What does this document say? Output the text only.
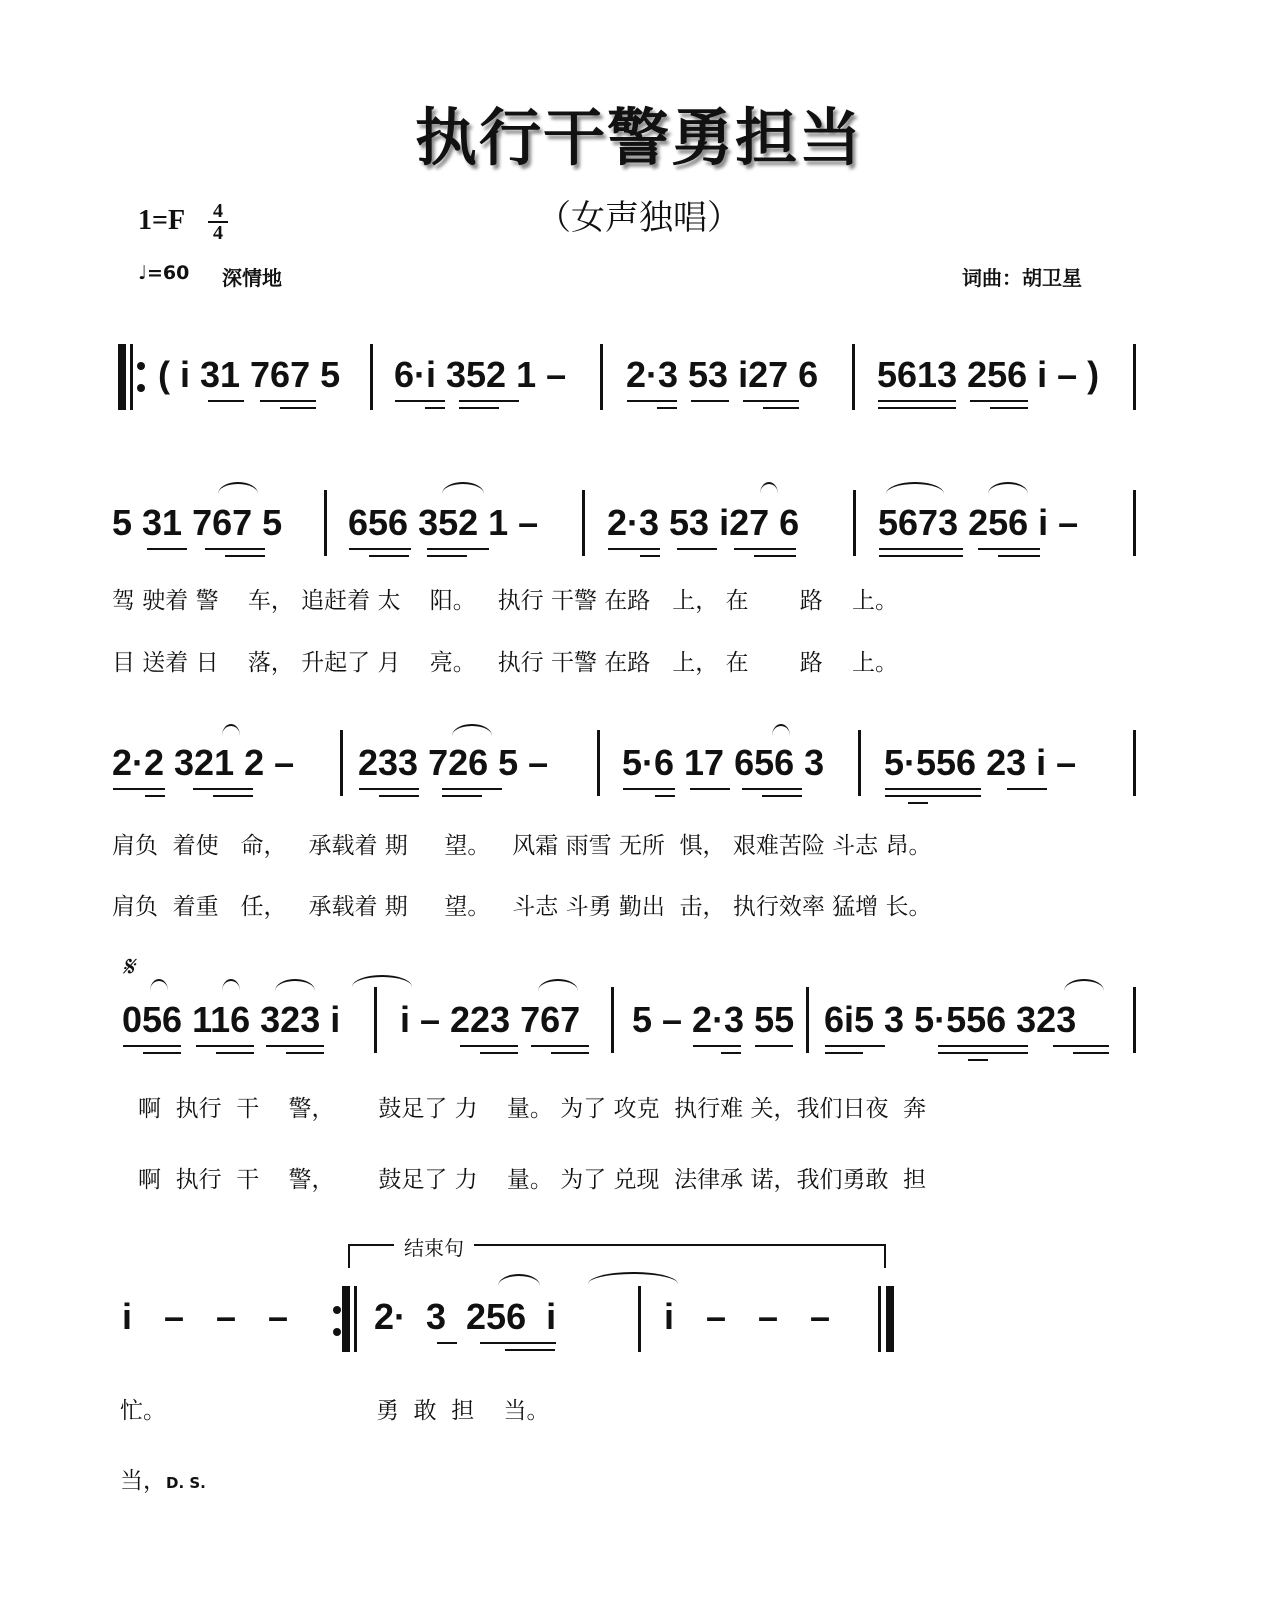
执行干警勇担当
（女声独唱）
1=F 4
4
♩=60 深情地	词曲：胡卫星
( i 31 767 5 6·i 352 1 – 2·3 53 i27 6 5613 256 i – )
5 31 767 5 656 352 1 – 2·3 53 i27 6 5673 256 i –
驾 驶着 警    车， 追赶着 太    阳。   执行 干警 在路   上， 在       路    上。
目 送着 日    落， 升起了 月    亮。   执行 干警 在路   上， 在       路    上。
2·2 321 2 – 233 726 5 – 5·6 17 656 3 5·556 23 i –
肩负  着使   命，   承载着 期     望。   风霜 雨雪 无所  惧， 艰难苦险 斗志 昂。
肩负  着重   任，   承载着 期     望。   斗志 斗勇 勤出  击， 执行效率 猛增 长。
𝄋
056 116 323 i i – 223 767 5 – 2·3 55 6i5 3 5·556 323
啊  执行  干    警，      鼓足了 力    量。 为了 攻克  执行难 关，我们日夜  奔
啊  执行  干    警，      鼓足了 力    量。 为了 兑现  法律承 诺，我们勇敢  担
结束句
i – – – 2· 3 256 i	i – – –
忙。	勇  敢  担    当。
当，D. S.
